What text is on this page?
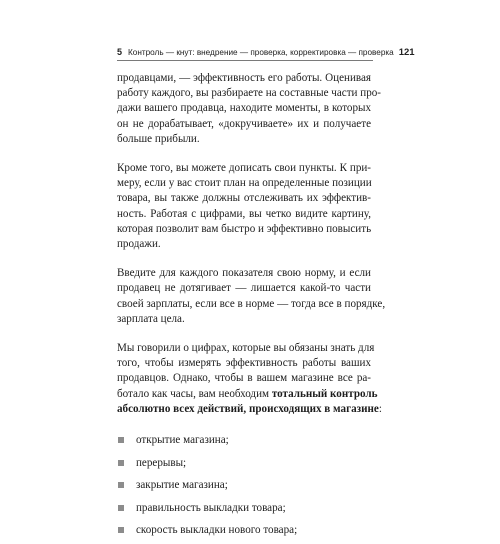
5 Контроль — кнут: внедрение — проверка, корректировка — проверка 121

продавцами, — эффективность его работы. Оценивая
работу каждого, вы разбираете на составные части про-
дажи вашего продавца, находите моменты, в которых
он не дорабатывает, «докручиваете» их и получаете
больше прибыли.

Кроме того, вы можете дописать свои пункты. К при-
меру, если у вас стоит план на определенные позиции
товара, вы также должны отслеживать их эффектив-
ность. Работая с цифрами, вы четко видите картину,
которая позволит вам быстро и эффективно повысить
продажи.

Введите для каждого показателя свою норму, и если
продавец не дотягивает — лишается какой-то части
своей зарплаты, если все в норме — тогда все в порядке,
зарплата цела.

Мы говорили о цифрах, которые вы обязаны знать для
того, чтобы измерять эффективность работы ваших
продавцов. Однако, чтобы в вашем магазине все ра-
ботало как часы, вам необходим тотальный контроль
абсолютно всех действий, происходящих в магазине:

открытие магазина;
перерывы;
закрытие магазина;
правильность выкладки товара;
скорость выкладки нового товара;
